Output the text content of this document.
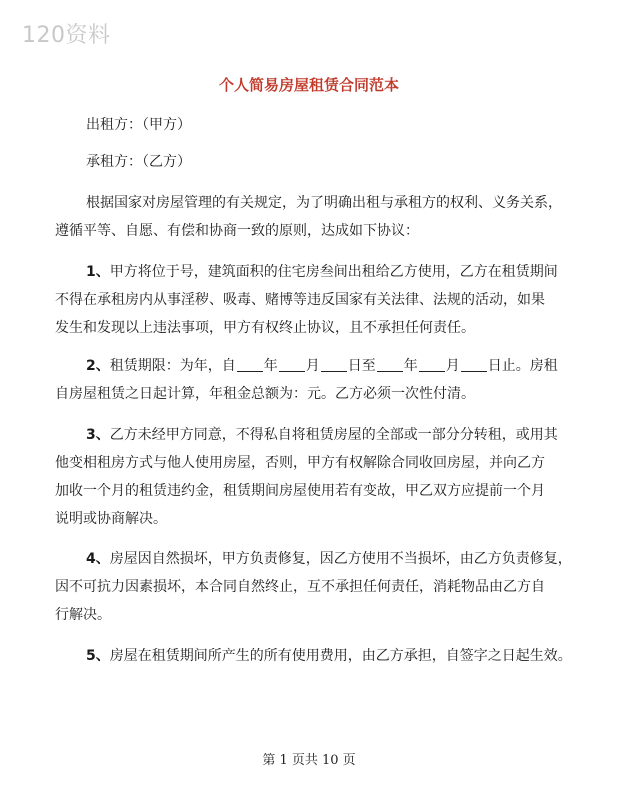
120资料
个人简易房屋租赁合同范本
出租方：（甲方）
承租方：（乙方）
根据国家对房屋管理的有关规定，为了明确出租与承租方的权利、义务关系，
遵循平等、自愿、有偿和协商一致的原则，达成如下协议：
1、甲方将位于号，建筑面积的住宅房叁间出租给乙方使用，乙方在租赁期间
不得在承租房内从事淫秽、吸毒、赌博等违反国家有关法律、法规的活动，如果
发生和发现以上违法事项，甲方有权终止协议，且不承担任何责任。
2、租赁期限：为年，自 年 月 日至 年 月 日止。房租
自房屋租赁之日起计算，年租金总额为：元。乙方必须一次性付清。
3、乙方未经甲方同意，不得私自将租赁房屋的全部或一部分分转租，或用其
他变相租房方式与他人使用房屋，否则，甲方有权解除合同收回房屋，并向乙方
加收一个月的租赁违约金，租赁期间房屋使用若有变故，甲乙双方应提前一个月
说明或协商解决。
4、房屋因自然损坏，甲方负责修复，因乙方使用不当损坏，由乙方负责修复，
因不可抗力因素损坏，本合同自然终止，互不承担任何责任，消耗物品由乙方自
行解决。
5、房屋在租赁期间所产生的所有使用费用，由乙方承担，自签字之日起生效。
第 1 页共 10 页
